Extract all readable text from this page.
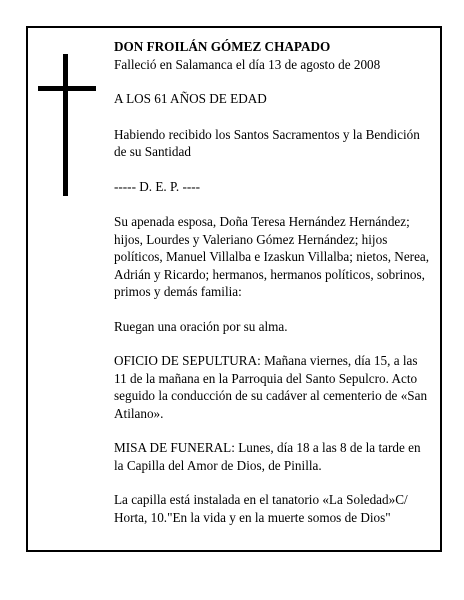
DON FROILÁN GÓMEZ CHAPADO
Falleció en Salamanca el día 13 de agosto de 2008

A LOS 61 AÑOS DE EDAD

Habiendo recibido los Santos Sacramentos y la Bendición de su Santidad

----- D. E. P. ----

Su apenada esposa, Doña Teresa Hernández Hernández; hijos, Lourdes y Valeriano Gómez Hernández; hijos políticos, Manuel Villalba e Izaskun Villalba; nietos, Nerea, Adrián y Ricardo; hermanos, hermanos políticos, sobrinos, primos y demás familia:

Ruegan una oración por su alma.

OFICIO DE SEPULTURA: Mañana viernes, día 15, a las 11 de la mañana en la Parroquia del Santo Sepulcro. Acto seguido la conducción de su cadáver al cementerio de «San Atilano».

MISA DE FUNERAL: Lunes, día 18 a las 8 de la tarde en la Capilla del Amor de Dios, de Pinilla.

La capilla está instalada en el tanatorio «La Soledad»C/ Horta, 10."En la vida y en la muerte somos de Dios"
